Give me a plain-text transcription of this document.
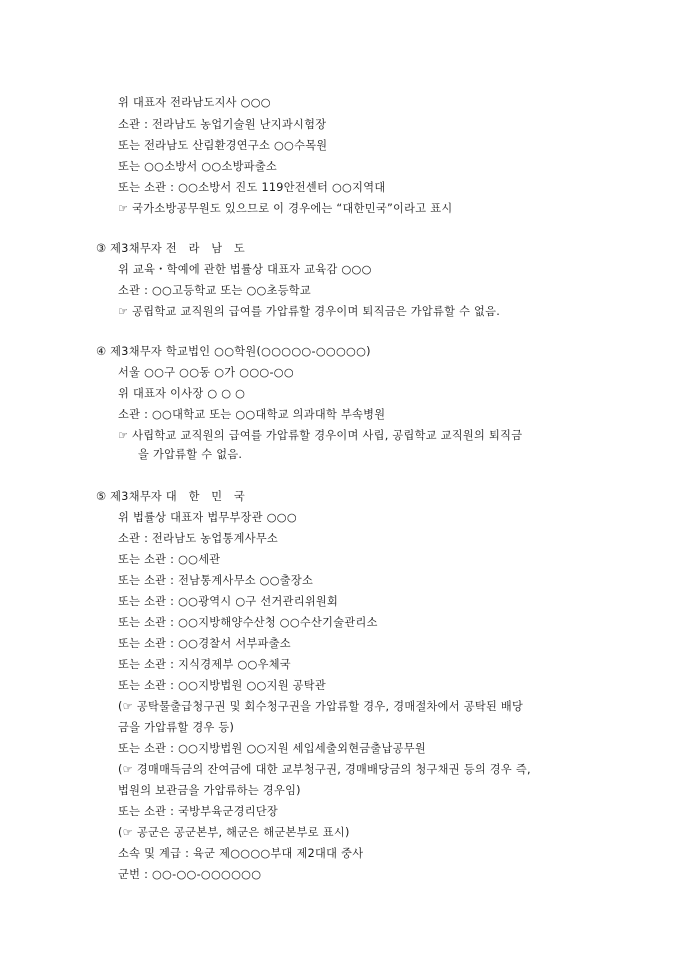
위 대표자 전라남도지사 ○○○
소관 : 전라남도 농업기술원 난지과시험장
또는 전라남도 산림환경연구소 ○○수목원
또는 ○○소방서 ○○소방파출소
또는 소관 : ○○소방서 진도 119안전센터 ○○지역대
☞ 국가소방공무원도 있으므로 이 경우에는 “대한민국”이라고 표시
③ 제3채무자 전   라   남   도
위 교육・학예에 관한 법률상 대표자 교육감 ○○○
소관 : ○○고등학교 또는 ○○초등학교
☞ 공립학교 교직원의 급여를 가압류할 경우이며 퇴직금은 가압류할 수 없음.
④ 제3채무자 학교법인 ○○학원(○○○○○-○○○○○)
서울 ○○구 ○○동 ○가 ○○○-○○
위 대표자 이사장 ○ ○ ○
소관 : ○○대학교 또는 ○○대학교 의과대학 부속병원
☞ 사립학교 교직원의 급여를 가압류할 경우이며 사립, 공립학교 교직원의 퇴직금
을 가압류할 수 없음.
⑤ 제3채무자 대   한   민   국
위 법률상 대표자 법무부장관 ○○○
소관 : 전라남도 농업통계사무소
또는 소관 : ○○세관
또는 소관 : 전남통계사무소 ○○출장소
또는 소관 : ○○광역시 ○구 선거관리위원회
또는 소관 : ○○지방해양수산청 ○○수산기술관리소
또는 소관 : ○○경찰서 서부파출소
또는 소관 : 지식경제부 ○○우체국
또는 소관 : ○○지방법원 ○○지원 공탁관
(☞ 공탁물출급청구권 및 회수청구권을 가압류할 경우, 경매절차에서 공탁된 배당
금을 가압류할 경우 등)
또는 소관 : ○○지방법원 ○○지원 세입세출외현금출납공무원
(☞ 경매매득금의 잔여금에 대한 교부청구권, 경매배당금의 청구채권 등의 경우 즉,
법원의 보관금을 가압류하는 경우임)
또는 소관 : 국방부육군경리단장
(☞ 공군은 공군본부, 해군은 해군본부로 표시)
소속 및 계급 : 육군 제○○○○부대 제2대대 중사
군번 : ○○-○○-○○○○○○
